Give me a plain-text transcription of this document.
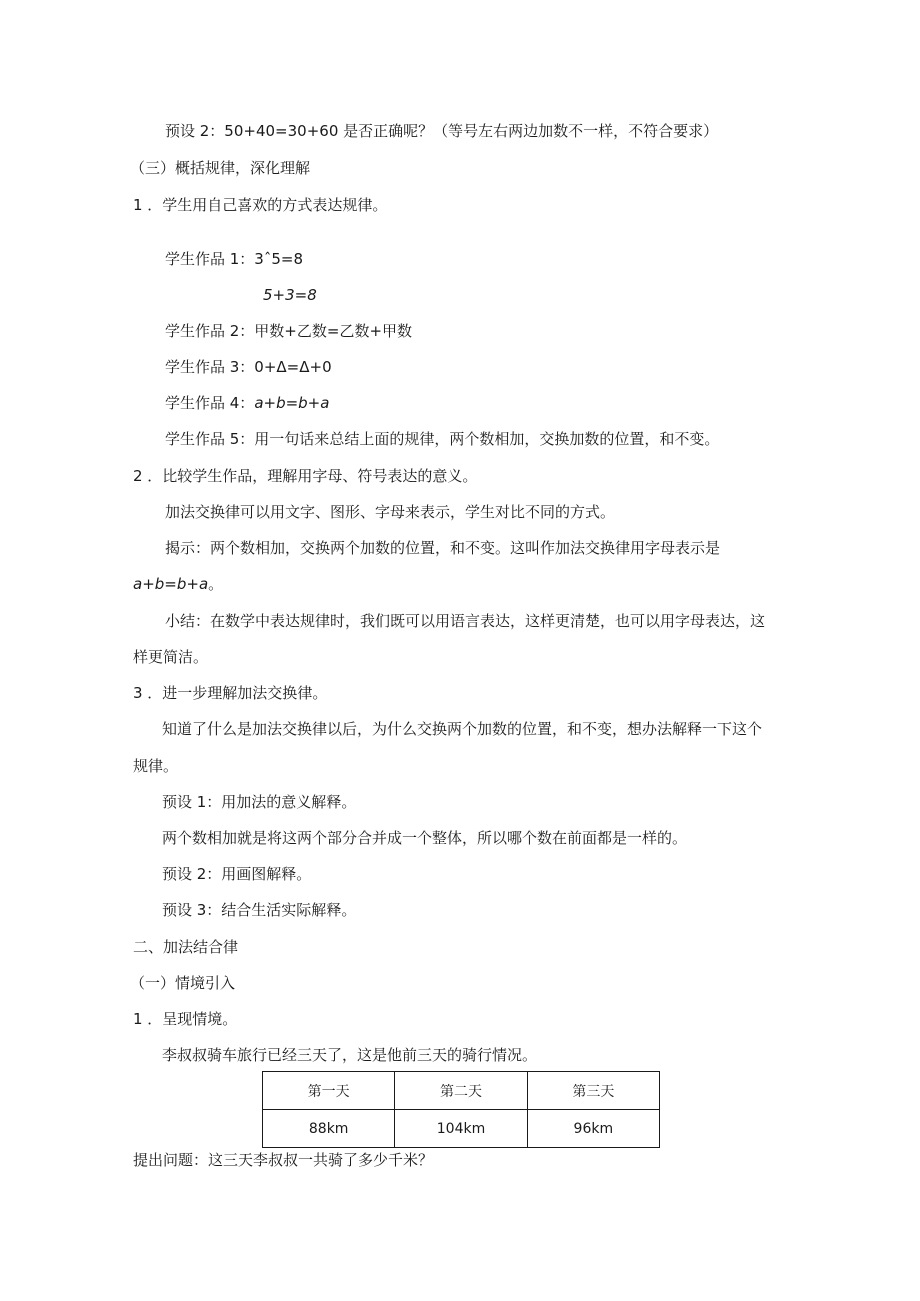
预设 2：50+40=30+60 是否正确呢？（等号左右两边加数不一样，不符合要求）
（三）概括规律，深化理解
1 ．学生用自己喜欢的方式表达规律。
学生作品 1：3ˆ5=8
5+3=8
学生作品 2：甲数+乙数=乙数+甲数
学生作品 3：0+Δ=Δ+0
学生作品 4：a+b=b+a
学生作品 5：用一句话来总结上面的规律，两个数相加，交换加数的位置，和不变。
2 ．比较学生作品，理解用字母、符号表达的意义。
加法交换律可以用文字、图形、字母来表示，学生对比不同的方式。
揭示：两个数相加，交换两个加数的位置，和不变。这叫作加法交换律用字母表示是
a+b=b+a。
小结：在数学中表达规律时，我们既可以用语言表达，这样更清楚，也可以用字母表达，这
样更简洁。
3 ．进一步理解加法交换律。
知道了什么是加法交换律以后，为什么交换两个加数的位置，和不变，想办法解释一下这个
规律。
预设 1：用加法的意义解释。
两个数相加就是将这两个部分合并成一个整体，所以哪个数在前面都是一样的。
预设 2：用画图解释。
预设 3：结合生活实际解释。
二、加法结合律
（一）情境引入
1 ．呈现情境。
李叔叔骑车旅行已经三天了，这是他前三天的骑行情况。
第一天	第二天	第三天
88km	104km	96km
提出问题：这三天李叔叔一共骑了多少千米？
